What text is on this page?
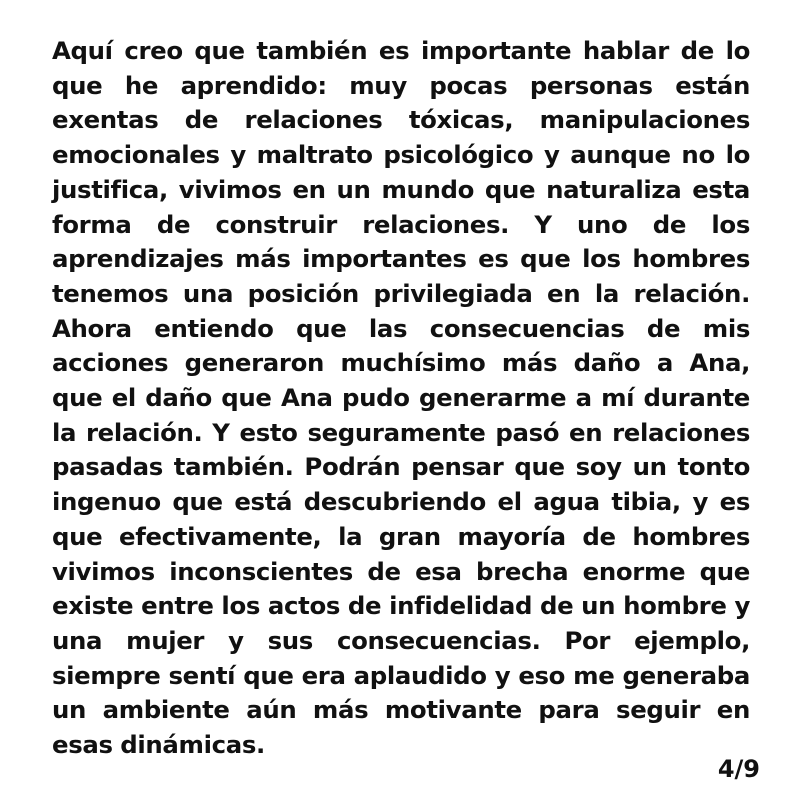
Aquí creo que también es importante hablar de lo que he aprendido: muy pocas personas están exentas de relaciones tóxicas, manipulaciones emocionales y maltrato psicológico y aunque no lo justifica, vivimos en un mundo que naturaliza esta forma de construir relaciones. Y uno de los aprendizajes más importantes es que los hombres tenemos una posición privilegiada en la relación. Ahora entiendo que las consecuencias de mis acciones generaron muchísimo más daño a Ana, que el daño que Ana pudo generarme a mí durante la relación. Y esto seguramente pasó en relaciones pasadas también. Podrán pensar que soy un tonto ingenuo que está descubriendo el agua tibia, y es que efectivamente, la gran mayoría de hombres vivimos inconscientes de esa brecha enorme que existe entre los actos de infidelidad de un hombre y una mujer y sus consecuencias. Por ejemplo, siempre sentí que era aplaudido y eso me generaba un ambiente aún más motivante para seguir en esas dinámicas.

4/9
